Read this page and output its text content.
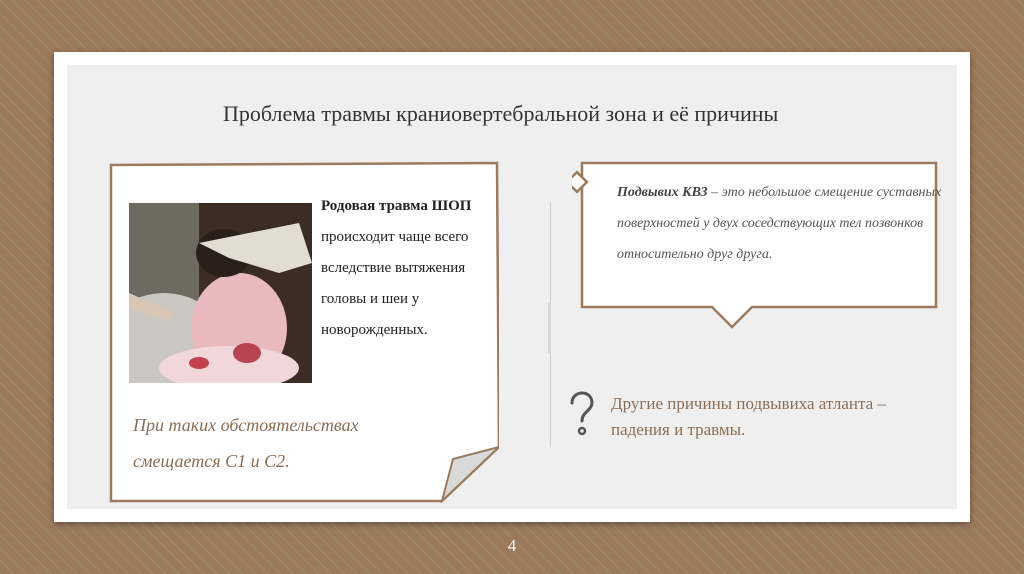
Проблема травмы краниовертебральной зона и её причины
Родовая травма ШОП происходит чаще всего вследствие вытяжения головы и шеи у новорожденных.
При таких обстоятельствах
смещается С1 и С2.
Подвывих КВЗ – это небольшое смещение суставных поверхностей у двух соседствующих тел позвонков относительно друг друга.
Другие причины подвывиха атланта – падения и травмы.
4
